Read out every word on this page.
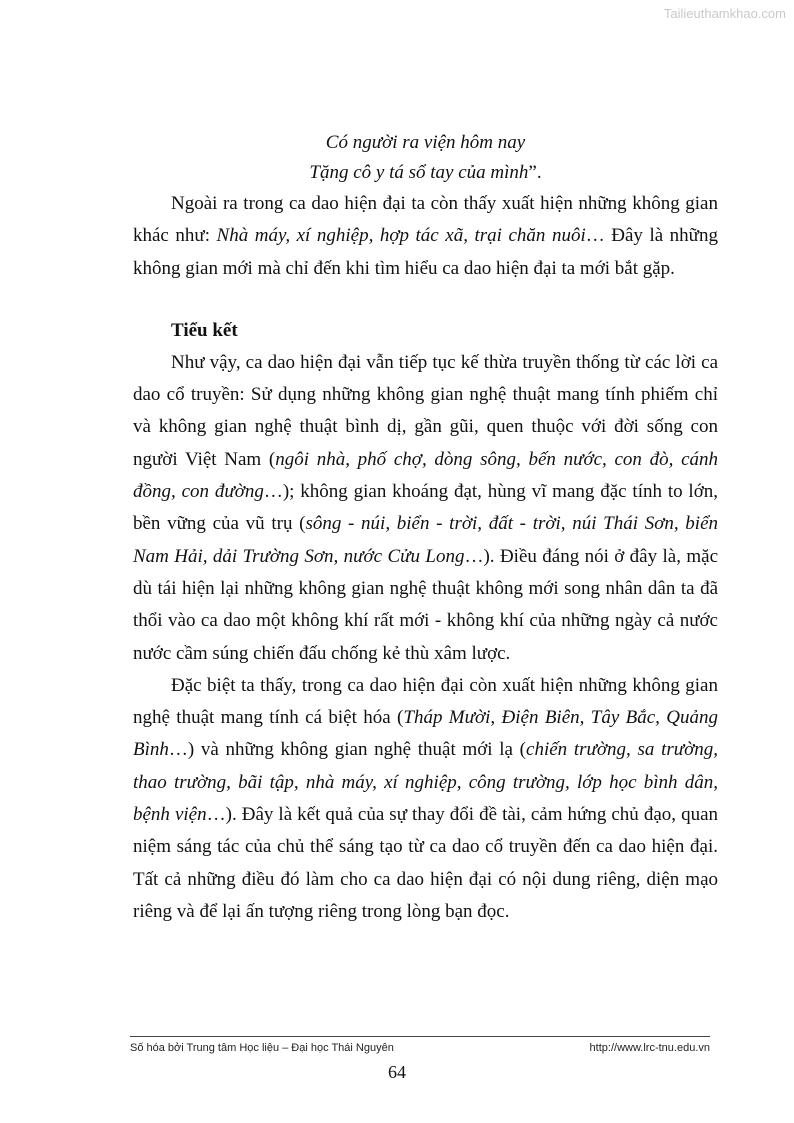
Tailieuthamkhao.com

Có người ra viện hôm nay
Tặng cô y tá sổ tay của mình”.

Ngoài ra trong ca dao hiện đại ta còn thấy xuất hiện những không gian khác như: Nhà máy, xí nghiệp, hợp tác xã, trại chăn nuôi… Đây là những không gian mới mà chỉ đến khi tìm hiểu ca dao hiện đại ta mới bắt gặp.

Tiểu kết

Như vậy, ca dao hiện đại vẫn tiếp tục kế thừa truyền thống từ các lời ca dao cổ truyền: Sử dụng những không gian nghệ thuật mang tính phiếm chỉ và không gian nghệ thuật bình dị, gần gũi, quen thuộc với đời sống con người Việt Nam (ngôi nhà, phố chợ, dòng sông, bến nước, con đò, cánh đồng, con đường…); không gian khoáng đạt, hùng vĩ mang đặc tính to lớn, bền vững của vũ trụ (sông - núi, biển - trời, đất - trời, núi Thái Sơn, biển Nam Hải, dải Trường Sơn, nước Cửu Long…). Điều đáng nói ở đây là, mặc dù tái hiện lại những không gian nghệ thuật không mới song nhân dân ta đã thổi vào ca dao một không khí rất mới - không khí của những ngày cả nước nước cầm súng chiến đấu chống kẻ thù xâm lược.

Đặc biệt ta thấy, trong ca dao hiện đại còn xuất hiện những không gian nghệ thuật mang tính cá biệt hóa (Tháp Mười, Điện Biên, Tây Bắc, Quảng Bình…) và những không gian nghệ thuật mới lạ (chiến trường, sa trường, thao trường, bãi tập, nhà máy, xí nghiệp, công trường, lớp học bình dân, bệnh viện…). Đây là kết quả của sự thay đổi đề tài, cảm hứng chủ đạo, quan niệm sáng tác của chủ thể sáng tạo từ ca dao cổ truyền đến ca dao hiện đại. Tất cả những điều đó làm cho ca dao hiện đại có nội dung riêng, diện mạo riêng và để lại ấn tượng riêng trong lòng bạn đọc.

Số hóa bởi Trung tâm Học liệu – Đại học Thái Nguyên	http://www.lrc-tnu.edu.vn
64
